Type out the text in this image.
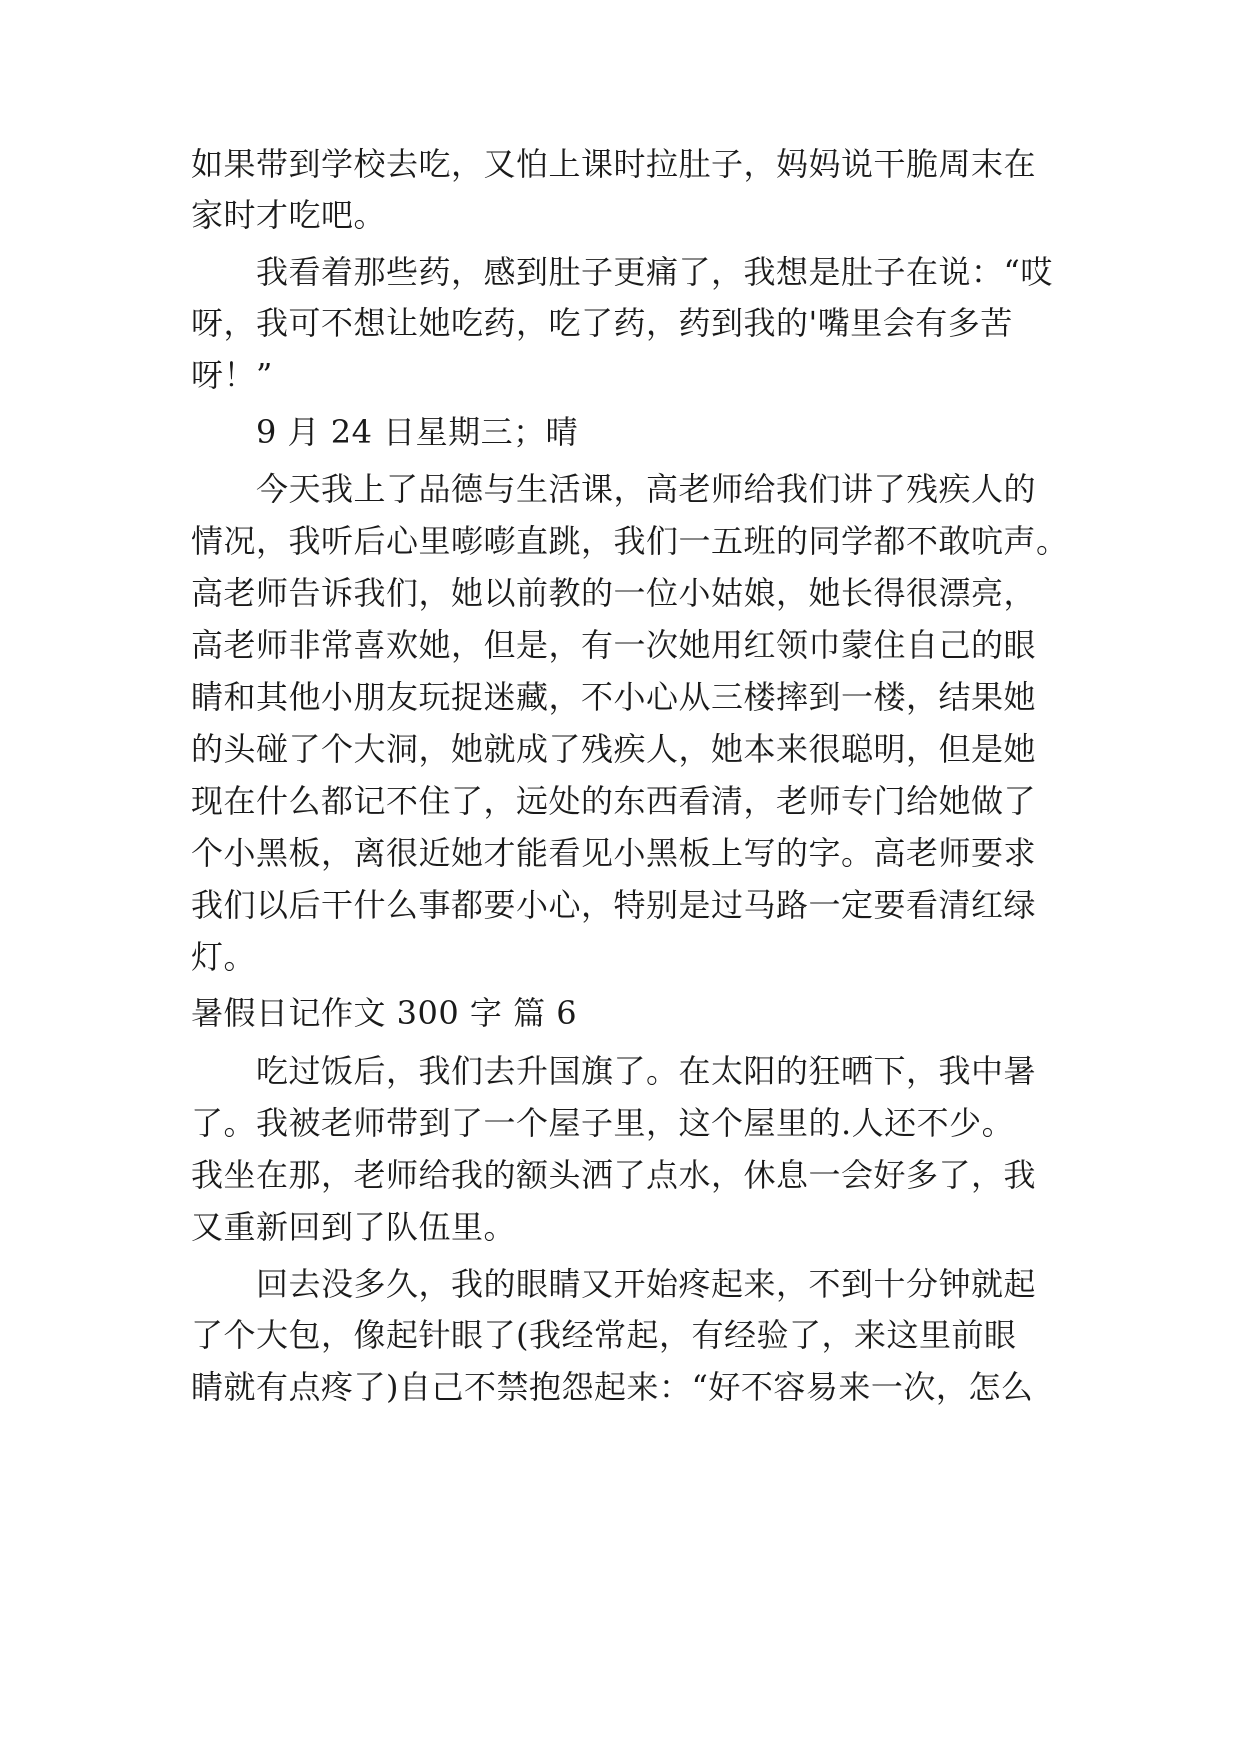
如果带到学校去吃，又怕上课时拉肚子，妈妈说干脆周末在
家时才吃吧。
我看着那些药，感到肚子更痛了，我想是肚子在说：“哎
呀，我可不想让她吃药，吃了药，药到我的'嘴里会有多苦
呀！”
9 月 24 日星期三；晴
今天我上了品德与生活课，高老师给我们讲了残疾人的
情况，我听后心里嘭嘭直跳，我们一五班的同学都不敢吭声。
高老师告诉我们，她以前教的一位小姑娘，她长得很漂亮，
高老师非常喜欢她，但是，有一次她用红领巾蒙住自己的眼
睛和其他小朋友玩捉迷藏，不小心从三楼摔到一楼，结果她
的头碰了个大洞，她就成了残疾人，她本来很聪明，但是她
现在什么都记不住了，远处的东西看清，老师专门给她做了
个小黑板，离很近她才能看见小黑板上写的字。高老师要求
我们以后干什么事都要小心，特别是过马路一定要看清红绿
灯。
暑假日记作文 300 字 篇 6
吃过饭后，我们去升国旗了。在太阳的狂晒下，我中暑
了。我被老师带到了一个屋子里，这个屋里的.人还不少。
我坐在那，老师给我的额头洒了点水，休息一会好多了，我
又重新回到了队伍里。
回去没多久，我的眼睛又开始疼起来，不到十分钟就起
了个大包，像起针眼了(我经常起，有经验了，来这里前眼
睛就有点疼了)自己不禁抱怨起来：“好不容易来一次，怎么
